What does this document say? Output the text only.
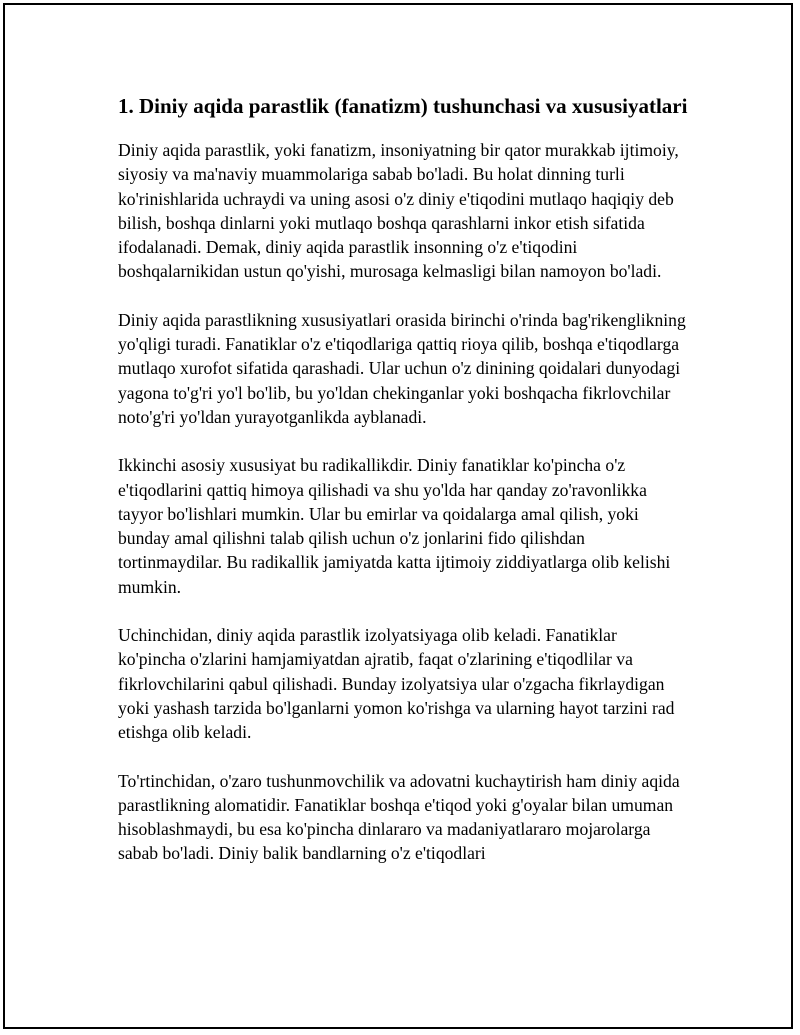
1. Diniy aqida parastlik (fanatizm) tushunchasi va xususiyatlari

Diniy aqida parastlik, yoki fanatizm, insoniyatning bir qator murakkab ijtimoiy, siyosiy va ma'naviy muammolariga sabab bo'ladi. Bu holat dinning turli ko'rinishlarida uchraydi va uning asosi o'z diniy e'tiqodini mutlaqo haqiqiy deb bilish, boshqa dinlarni yoki mutlaqo boshqa qarashlarni inkor etish sifatida ifodalanadi. Demak, diniy aqida parastlik insonning o'z e'tiqodini boshqalarnikidan ustun qo'yishi, murosaga kelmasligi bilan namoyon bo'ladi.

Diniy aqida parastlikning xususiyatlari orasida birinchi o'rinda bag'rikenglikning yo'qligi turadi. Fanatiklar o'z e'tiqodlariga qattiq rioya qilib, boshqa e'tiqodlarga mutlaqo xurofot sifatida qarashadi. Ular uchun o'z dinining qoidalari dunyodagi yagona to'g'ri yo'l bo'lib, bu yo'ldan chekinganlar yoki boshqacha fikrlovchilar noto'g'ri yo'ldan yurayotganlikda ayblanadi.

Ikkinchi asosiy xususiyat bu radikallikdir. Diniy fanatiklar ko'pincha o'z e'tiqodlarini qattiq himoya qilishadi va shu yo'lda har qanday zo'ravonlikka tayyor bo'lishlari mumkin. Ular bu emirlar va qoidalarga amal qilish, yoki bunday amal qilishni talab qilish uchun o'z jonlarini fido qilishdan tortinmaydilar. Bu radikallik jamiyatda katta ijtimoiy ziddiyatlarga olib kelishi mumkin.

Uchinchidan, diniy aqida parastlik izolyatsiyaga olib keladi. Fanatiklar ko'pincha o'zlarini hamjamiyatdan ajratib, faqat o'zlarining e'tiqodlilar va fikrlovchilarini qabul qilishadi. Bunday izolyatsiya ular o'zgacha fikrlaydigan yoki yashash tarzida bo'lganlarni yomon ko'rishga va ularning hayot tarzini rad etishga olib keladi.

To'rtinchidan, o'zaro tushunmovchilik va adovatni kuchaytirish ham diniy aqida parastlikning alomatidir. Fanatiklar boshqa e'tiqod yoki g'oyalar bilan umuman hisoblashmaydi, bu esa ko'pincha dinlararo va madaniyatlararo mojarolarga sabab bo'ladi. Diniy balik bandlarning o'z e'tiqodlari
